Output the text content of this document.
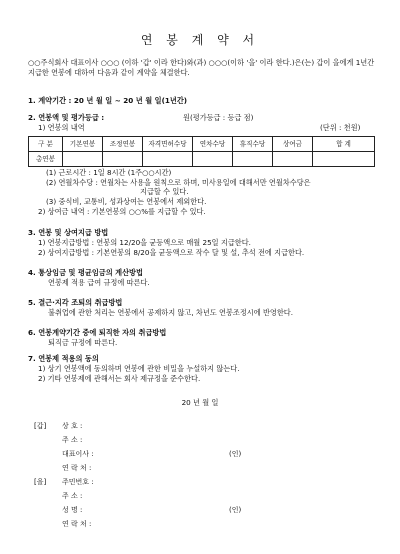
연 봉 계 약 서
○○주식회사 대표이사 ○○○ (이하 '갑' 이라 한다)와(과) ○○○(이하 '을' 이라 한다.)은(는) 갑이 을에게 1년간 지급한 연봉에 대하여 다음과 같이 계약을 체결한다.
1. 계약기간 : 20 년 월 일 ~ 20 년 월 일(1년간)
2. 연봉액 및 평가등급 :	원(평가등급 : 등급 점)
1) 연봉의 내역	(단위 : 천원)
구 분	기본연봉	조정연봉	자격면허수당	연차수당	휴직수당	상여금	합 계
총연봉							
(1) 근로시간 : 1일 8시간 (1주○○시간)
(2) 연월차수당 : 연월차는 사용을 원칙으로 하며, 미사용일에 대해서만 연월차수당은
지급할 수 있다.
(3) 중식비, 교통비, 성과상여는 연봉에서 제외한다.
2) 상여금 내역 : 기본연봉의 ○○%를 지급할 수 있다.
3. 연봉 및 상여지급 방법
1) 연봉지급방법 : 연봉의 12/20을 균등액으로 매월 25일 지급한다.
2) 상여지급방법 : 기본연봉의 8/20을 균등액으로 작수 달 및 설, 추석 전에 지급한다.
4. 통상임금 및 평균임금의 계산방법
연봉제 적용 급여 규정에 따른다.
5. 결근·지각 조퇴의 취급방법
불취업에 관한 처리는 연봉에서 공제하지 않고, 차년도 연봉조정시에 반영한다.
6. 연봉계약기간 중에 퇴직한 자의 취급방법
퇴직금 규정에 따른다.
7. 연봉제 적용의 동의
1) 상기 연봉액에 동의하며 연봉에 관한 비밀을 누설하지 않는다.
2) 기타 연봉제에 관해서는 회사 제규정을 준수한다.
20 년 월 일
[갑] 상 호 :
주 소 :
대표이사 :
연 락 처 :
(인)
[을] 주민번호 :
주 소 :
성 명 :
연 락 처 :
(인)
